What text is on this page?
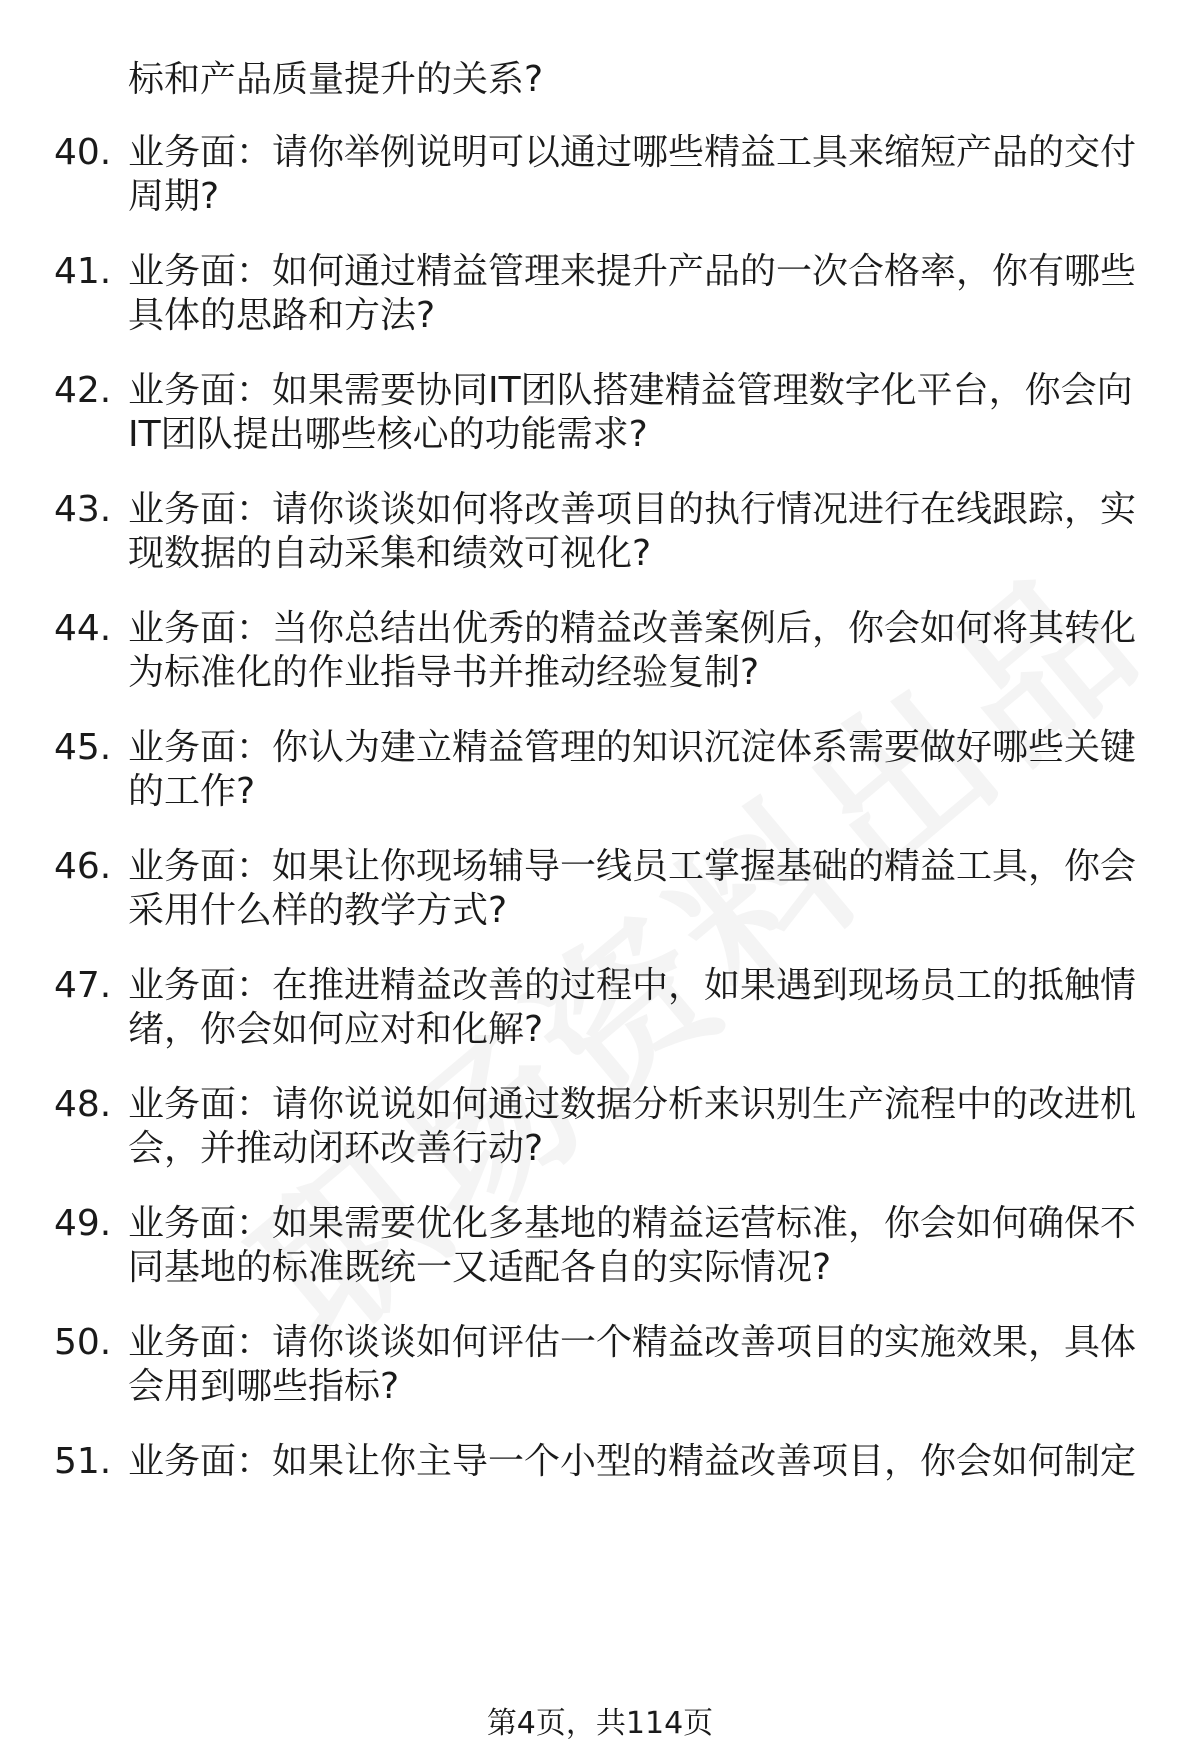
标和产品质量提升的关系?
40. 业务面：请你举例说明可以通过哪些精益工具来缩短产品的交付
周期?
41. 业务面：如何通过精益管理来提升产品的一次合格率，你有哪些
具体的思路和方法?
42. 业务面：如果需要协同IT团队搭建精益管理数字化平台，你会向
IT团队提出哪些核心的功能需求?
43. 业务面：请你谈谈如何将改善项目的执行情况进行在线跟踪，实
现数据的自动采集和绩效可视化?
44. 业务面：当你总结出优秀的精益改善案例后，你会如何将其转化
为标准化的作业指导书并推动经验复制?
45. 业务面：你认为建立精益管理的知识沉淀体系需要做好哪些关键
的工作?
46. 业务面：如果让你现场辅导一线员工掌握基础的精益工具，你会
采用什么样的教学方式?
47. 业务面：在推进精益改善的过程中，如果遇到现场员工的抵触情
绪，你会如何应对和化解?
48. 业务面：请你说说如何通过数据分析来识别生产流程中的改进机
会，并推动闭环改善行动?
49. 业务面：如果需要优化多基地的精益运营标准，你会如何确保不
同基地的标准既统一又适配各自的实际情况?
50. 业务面：请你谈谈如何评估一个精益改善项目的实施效果，具体
会用到哪些指标?
51. 业务面：如果让你主导一个小型的精益改善项目，你会如何制定
第4页，共114页
